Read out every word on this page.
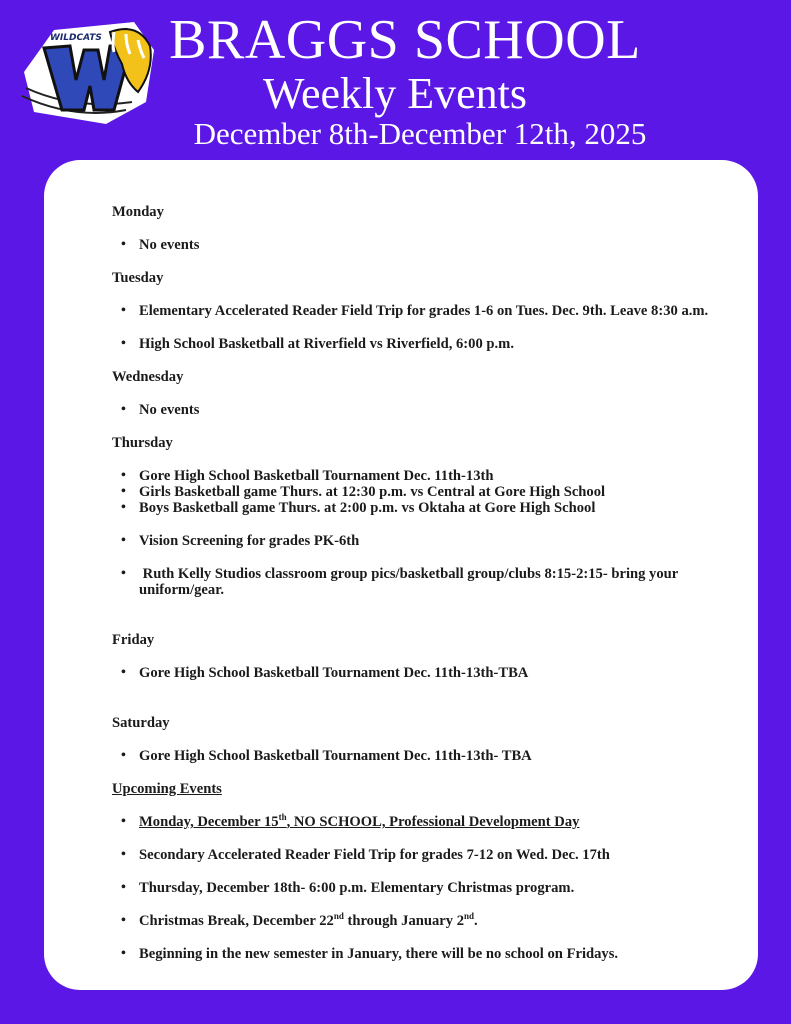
WILDCATS BRAGGS SCHOOL
Weekly Events
December 8th-December 12th, 2025
Monday
• No events
Tuesday
• Elementary Accelerated Reader Field Trip for grades 1-6 on Tues. Dec. 9th. Leave 8:30 a.m.
• High School Basketball at Riverfield vs Riverfield, 6:00 p.m.
Wednesday
• No events
Thursday
• Gore High School Basketball Tournament Dec. 11th-13th
• Girls Basketball game Thurs. at 12:30 p.m. vs Central at Gore High School
• Boys Basketball game Thurs. at 2:00 p.m. vs Oktaha at Gore High School
• Vision Screening for grades PK-6th
•  Ruth Kelly Studios classroom group pics/basketball group/clubs 8:15-2:15- bring your uniform/gear.
Friday
• Gore High School Basketball Tournament Dec. 11th-13th-TBA
Saturday
• Gore High School Basketball Tournament Dec. 11th-13th- TBA
Upcoming Events
• Monday, December 15th, NO SCHOOL, Professional Development Day
• Secondary Accelerated Reader Field Trip for grades 7-12 on Wed. Dec. 17th
• Thursday, December 18th- 6:00 p.m. Elementary Christmas program.
• Christmas Break, December 22nd through January 2nd.
• Beginning in the new semester in January, there will be no school on Fridays.
